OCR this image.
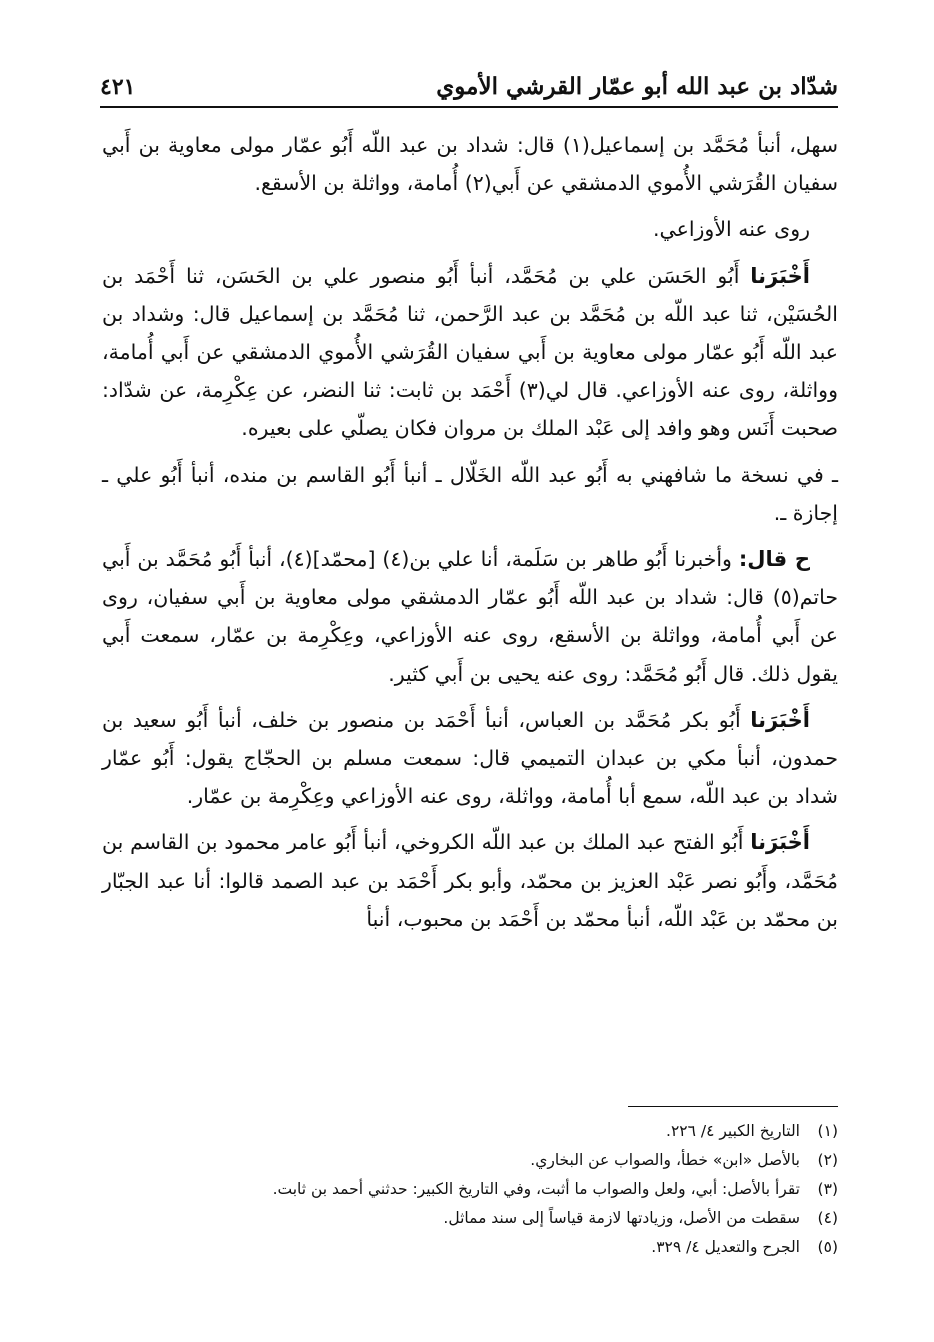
شدّاد بن عبد الله أبو عمّار القرشي الأموي
٤٢١

سهل، أنبأ مُحَمَّد بن إسماعيل(١) قال: شداد بن عبد اللّه أَبُو عمّار مولى معاوية بن أَبي سفيان القُرَشي الأُموي الدمشقي عن أَبي(٢) أُمامة، وواثلة بن الأسقع.

روى عنه الأوزاعي.

أَخْبَرَنا أَبُو الحَسَن علي بن مُحَمَّد، أنبأ أَبُو منصور علي بن الحَسَن، ثنا أَحْمَد بن الحُسَيْن، ثنا عبد اللّه بن مُحَمَّد بن عبد الرَّحمن، ثنا مُحَمَّد بن إسماعيل قال: وشداد بن عبد اللّه أَبُو عمّار مولى معاوية بن أَبي سفيان القُرَشي الأُموي الدمشقي عن أَبي أُمامة، وواثلة، روى عنه الأوزاعي. قال لي(٣) أَحْمَد بن ثابت: ثنا النضر، عن عِكْرِمة، عن شدّاد: صحبت أَنَس وهو وافد إلى عَبْد الملك بن مروان فكان يصلّي على بعيره.

ـ في نسخة ما شافهني به أَبُو عبد اللّه الخَلّال ـ أنبأ أَبُو القاسم بن منده، أنبأ أَبُو علي ـ إجازة ـ.

ح قال: وأخبرنا أَبُو طاهر بن سَلَمة، أنا علي بن(٤) [محمّد](٤)، أنبأ أَبُو مُحَمَّد بن أَبي حاتم(٥) قال: شداد بن عبد اللّه أَبُو عمّار الدمشقي مولى معاوية بن أَبي سفيان، روى عن أَبي أُمامة، وواثلة بن الأسقع، روى عنه الأوزاعي، وعِكْرِمة بن عمّار، سمعت أَبي يقول ذلك. قال أَبُو مُحَمَّد: روى عنه يحيى بن أَبي كثير.

أَخْبَرَنا أَبُو بكر مُحَمَّد بن العباس، أنبأ أَحْمَد بن منصور بن خلف، أنبأ أَبُو سعيد بن حمدون، أنبأ مكي بن عبدان التميمي قال: سمعت مسلم بن الحجّاج يقول: أَبُو عمّار شداد بن عبد اللّه، سمع أبا أُمامة، وواثلة، روى عنه الأوزاعي وعِكْرِمة بن عمّار.

أَخْبَرَنا أَبُو الفتح عبد الملك بن عبد اللّه الكروخي، أنبأ أَبُو عامر محمود بن القاسم بن مُحَمَّد، وأَبُو نصر عَبْد العزيز بن محمّد، وأبو بكر أَحْمَد بن عبد الصمد قالوا: أنا عبد الجبّار بن محمّد بن عَبْد اللّه، أنبأ محمّد بن أَحْمَد بن محبوب، أنبأ

(١)
التاريخ الكبير ٤/ ٢٢٦.
(٢)
بالأصل «ابن» خطأ، والصواب عن البخاري.
(٣)
تقرأ بالأصل: أبي، ولعل والصواب ما أثبت، وفي التاريخ الكبير: حدثني أحمد بن ثابت.
(٤)
سقطت من الأصل، وزيادتها لازمة قياساً إلى سند مماثل.
(٥)
الجرح والتعديل ٤/ ٣٢٩.
